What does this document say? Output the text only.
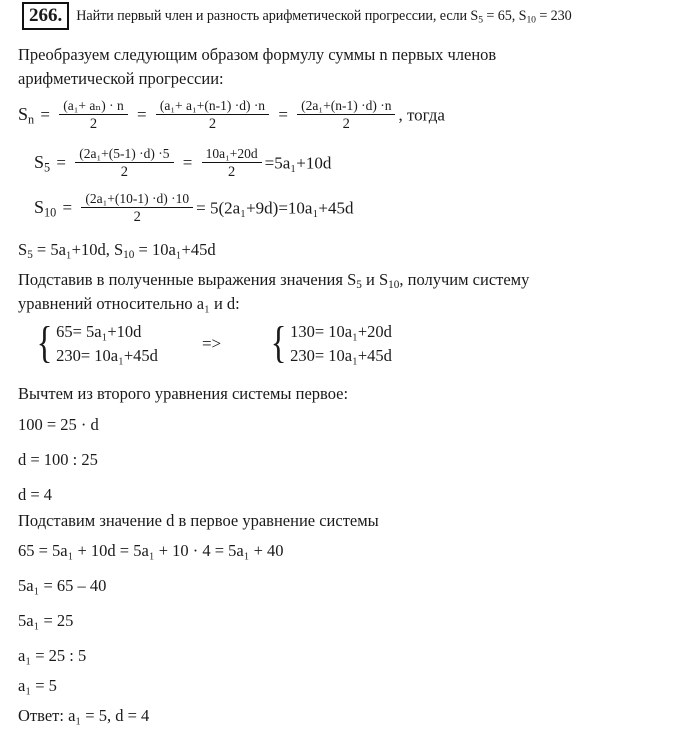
266. Найти первый член и разность арифметической прогрессии, если $S_5 = 65$, $S_{10} = 230$
Преобразуем следующим образом формулу суммы n первых членов
арифметической прогрессии:
$S_n = \frac{\text{(a₁+ aₙ) · n}}{2} = \frac{\text{(a₁+ a₁+(n-1) ·d) ·n}}{2} = \frac{\text{(2a₁+(n-1) ·d) ·n}}{2}$ , тогда
$S_5 = \frac{\text{(2a₁+(5-1) ·d) ·5}}{2} = \frac{\text{10a₁+20d}}{2} =5a_1+10d$
$S_{10} = \frac{\text{(2a₁+(10-1) ·d) ·10}}{2} = 5(2a_1+9d)=10a_1+45d$
$S_5 = 5a_1+10d$, $S_{10} = 10a_1+45d$
Подставив в полученные выражения значения $S_5$ и $S_{10}$, получим систему
уравнений относительно a₁ и d:
{ 65= 5a₁+10d
230= 10a₁+45d
=>	{ 130= 10a₁+20d
230= 10a₁+45d
Вычтем из второго уравнения системы первое:
100 = 25 · d
d = 100 : 25
d = 4
Подставим значение d в первое уравнение системы
65 = 5a₁ + 10d = 5a₁ + 10 · 4 = 5a₁ + 40
5a₁ = 65 – 40
5a₁ = 25
a₁ = 25 : 5
a₁ = 5
Ответ: a₁ = 5, d = 4
